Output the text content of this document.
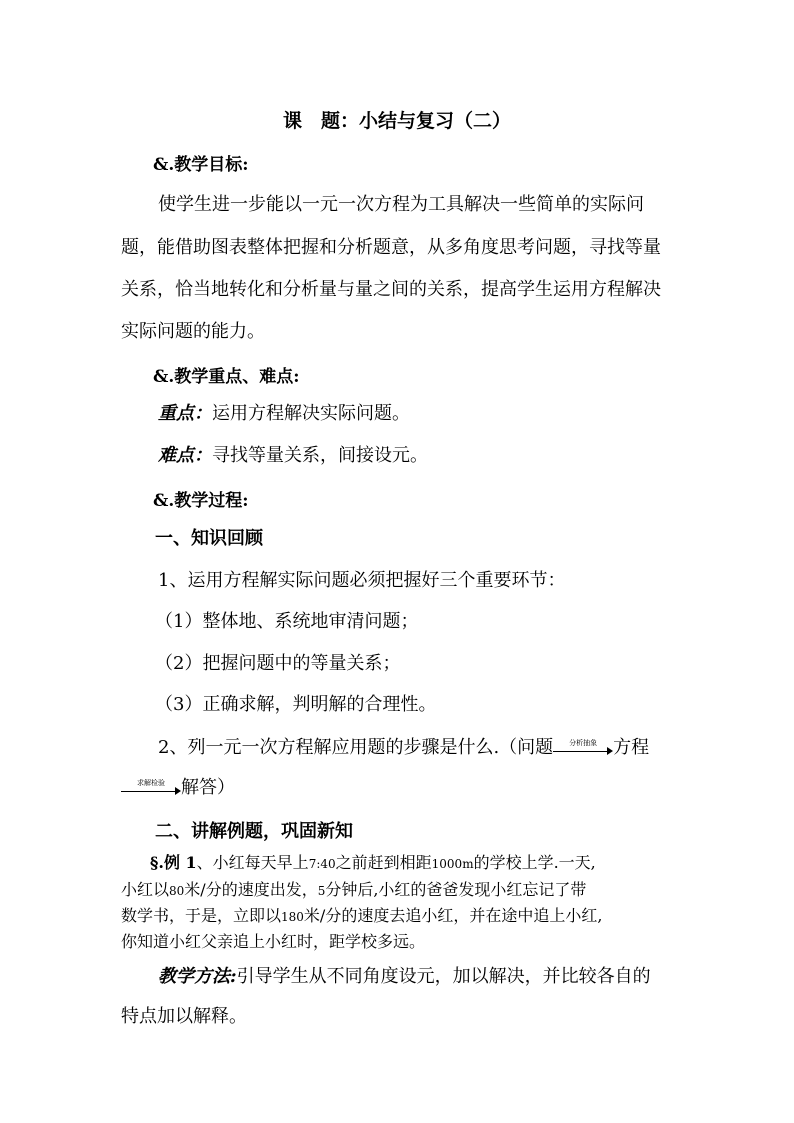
课　题：小结与复习（二）
&.教学目标:
使学生进一步能以一元一次方程为工具解决一些简单的实际问
题，能借助图表整体把握和分析题意，从多角度思考问题，寻找等量
关系，恰当地转化和分析量与量之间的关系，提高学生运用方程解决
实际问题的能力。
&.教学重点、难点:
重点：运用方程解决实际问题。
难点：寻找等量关系，间接设元。
&.教学过程:
一、知识回顾
1、运用方程解实际问题必须把握好三个重要环节：
（1）整体地、系统地审清问题；
（2）把握问题中的等量关系；
（3）正确求解，判明解的合理性。
2、列一元一次方程解应用题的步骤是什么.（问题	分析抽象 方程
求解检验 解答）
二、讲解例题，巩固新知
§.例 1、小红每天早上7:40之前赶到相距1000m的学校上学.一天,
小红以80米/分的速度出发，5分钟后,小红的爸爸发现小红忘记了带
数学书，于是，立即以180米/分的速度去追小红，并在途中追上小红,
你知道小红父亲追上小红时，距学校多远。
教学方法:引导学生从不同角度设元，加以解决，并比较各自的
特点加以解释。
